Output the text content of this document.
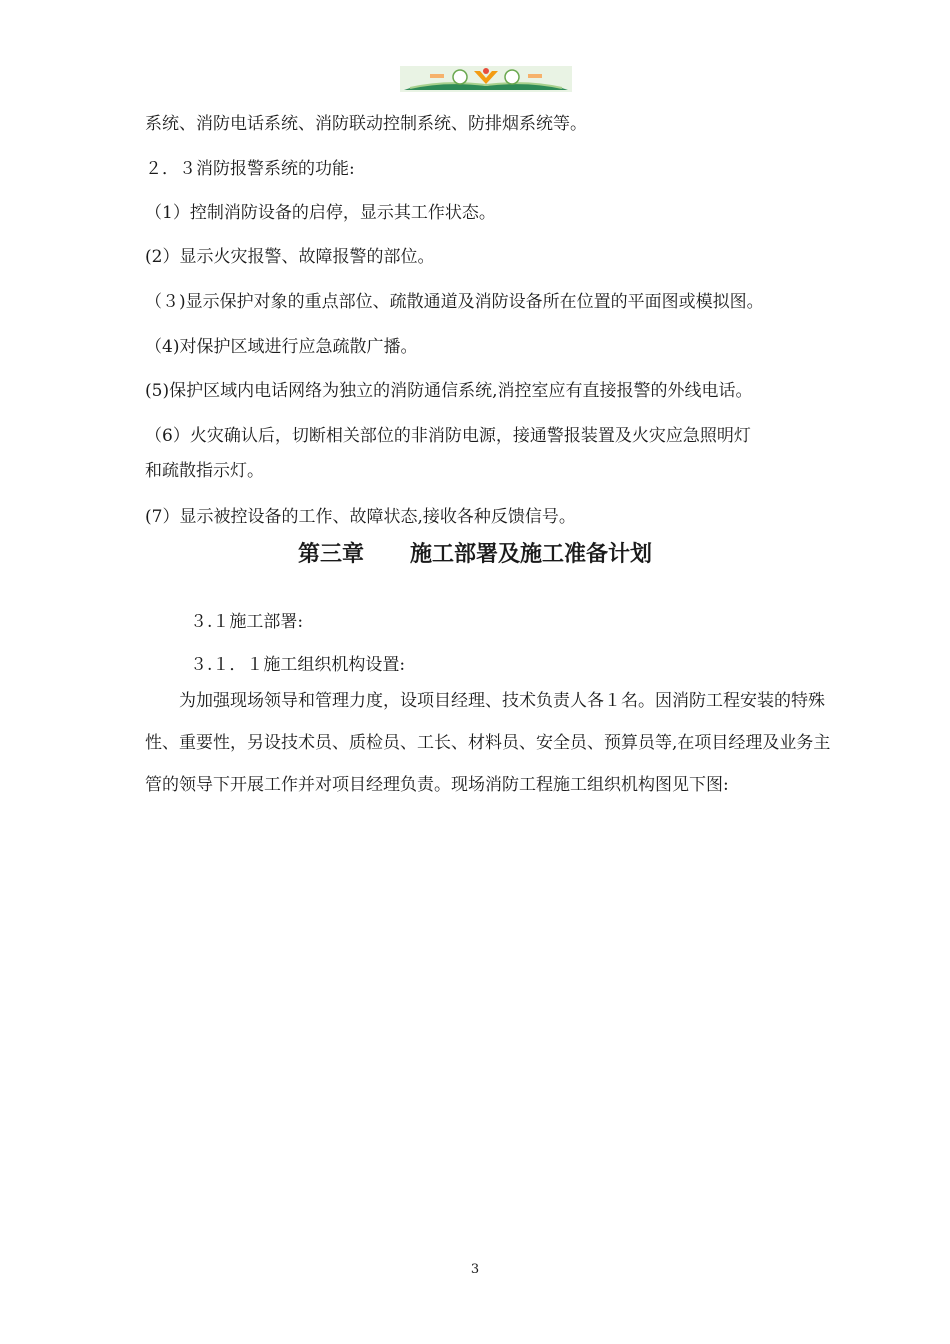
系统、消防电话系统、消防联动控制系统、防排烟系统等。
２．３消防报警系统的功能:
（1）控制消防设备的启停，显示其工作状态。
(2）显示火灾报警、故障报警的部位。
（３)显示保护对象的重点部位、疏散通道及消防设备所在位置的平面图或模拟图。
（4)对保护区域进行应急疏散广播。
(5)保护区域内电话网络为独立的消防通信系统,消控室应有直接报警的外线电话。
（6）火灾确认后，切断相关部位的非消防电源，接通警报装置及火灾应急照明灯
和疏散指示灯。
(7）显示被控设备的工作、故障状态,接收各种反馈信号。
第三章      施工部署及施工准备计划
３.１施工部署:
３.１．１施工组织机构设置:
为加强现场领导和管理力度，设项目经理、技术负责人各１名。因消防工程安装的特殊性、重要性，另设技术员、质检员、工长、材料员、安全员、预算员等,在项目经理及业务主管的领导下开展工作并对项目经理负责。现场消防工程施工组织机构图见下图:
3
